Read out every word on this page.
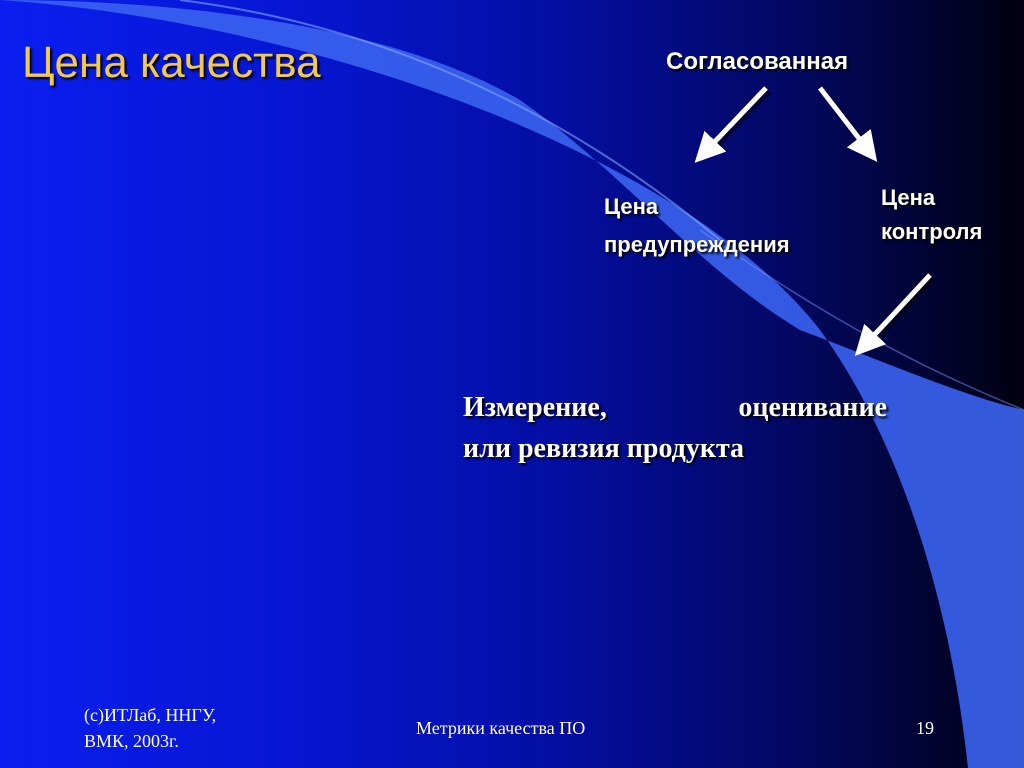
Цена качества	Согласованная
Цена
предупреждения
Цена
контроля
Измерение,	оценивание
или ревизия продукта
(с)ИТЛаб, ННГУ,
ВМК, 2003г.
Метрики качества ПО	19
